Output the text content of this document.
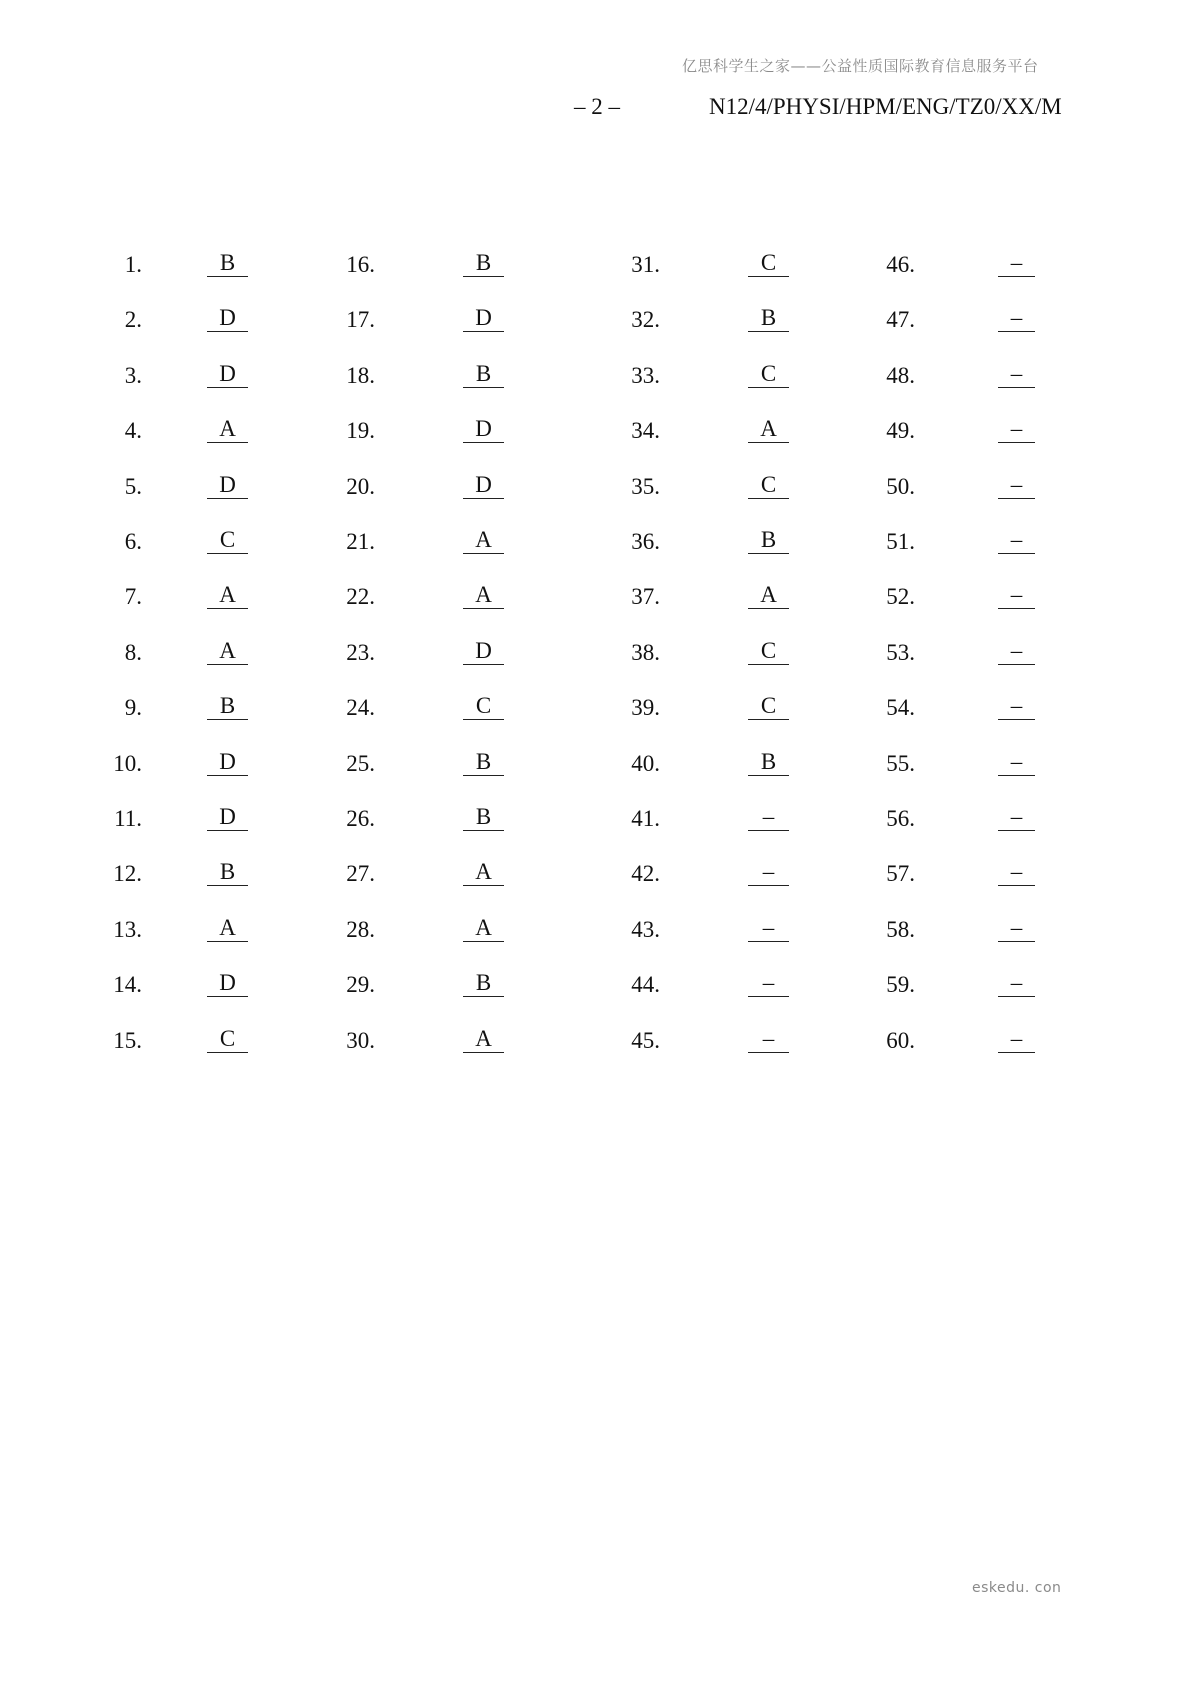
亿思科学生之家——公益性质国际教育信息服务平台
– 2 –	N12/4/PHYSI/HPM/ENG/TZ0/XX/M
1.	B
2.	D
3.	D
4.	A
5.	D
6.	C
7.	A
8.	A
9.	B
10.	D
11.	D
12.	B
13.	A
14.	D
15.	C
16.	B
17.	D
18.	B
19.	D
20.	D
21.	A
22.	A
23.	D
24.	C
25.	B
26.	B
27.	A
28.	A
29.	B
30.	A
31.	C
32.	B
33.	C
34.	A
35.	C
36.	B
37.	A
38.	C
39.	C
40.	B
41.	–
42.	–
43.	–
44.	–
45.	–
46.	–
47.	–
48.	–
49.	–
50.	–
51.	–
52.	–
53.	–
54.	–
55.	–
56.	–
57.	–
58.	–
59.	–
60.	–
eskedu. con
